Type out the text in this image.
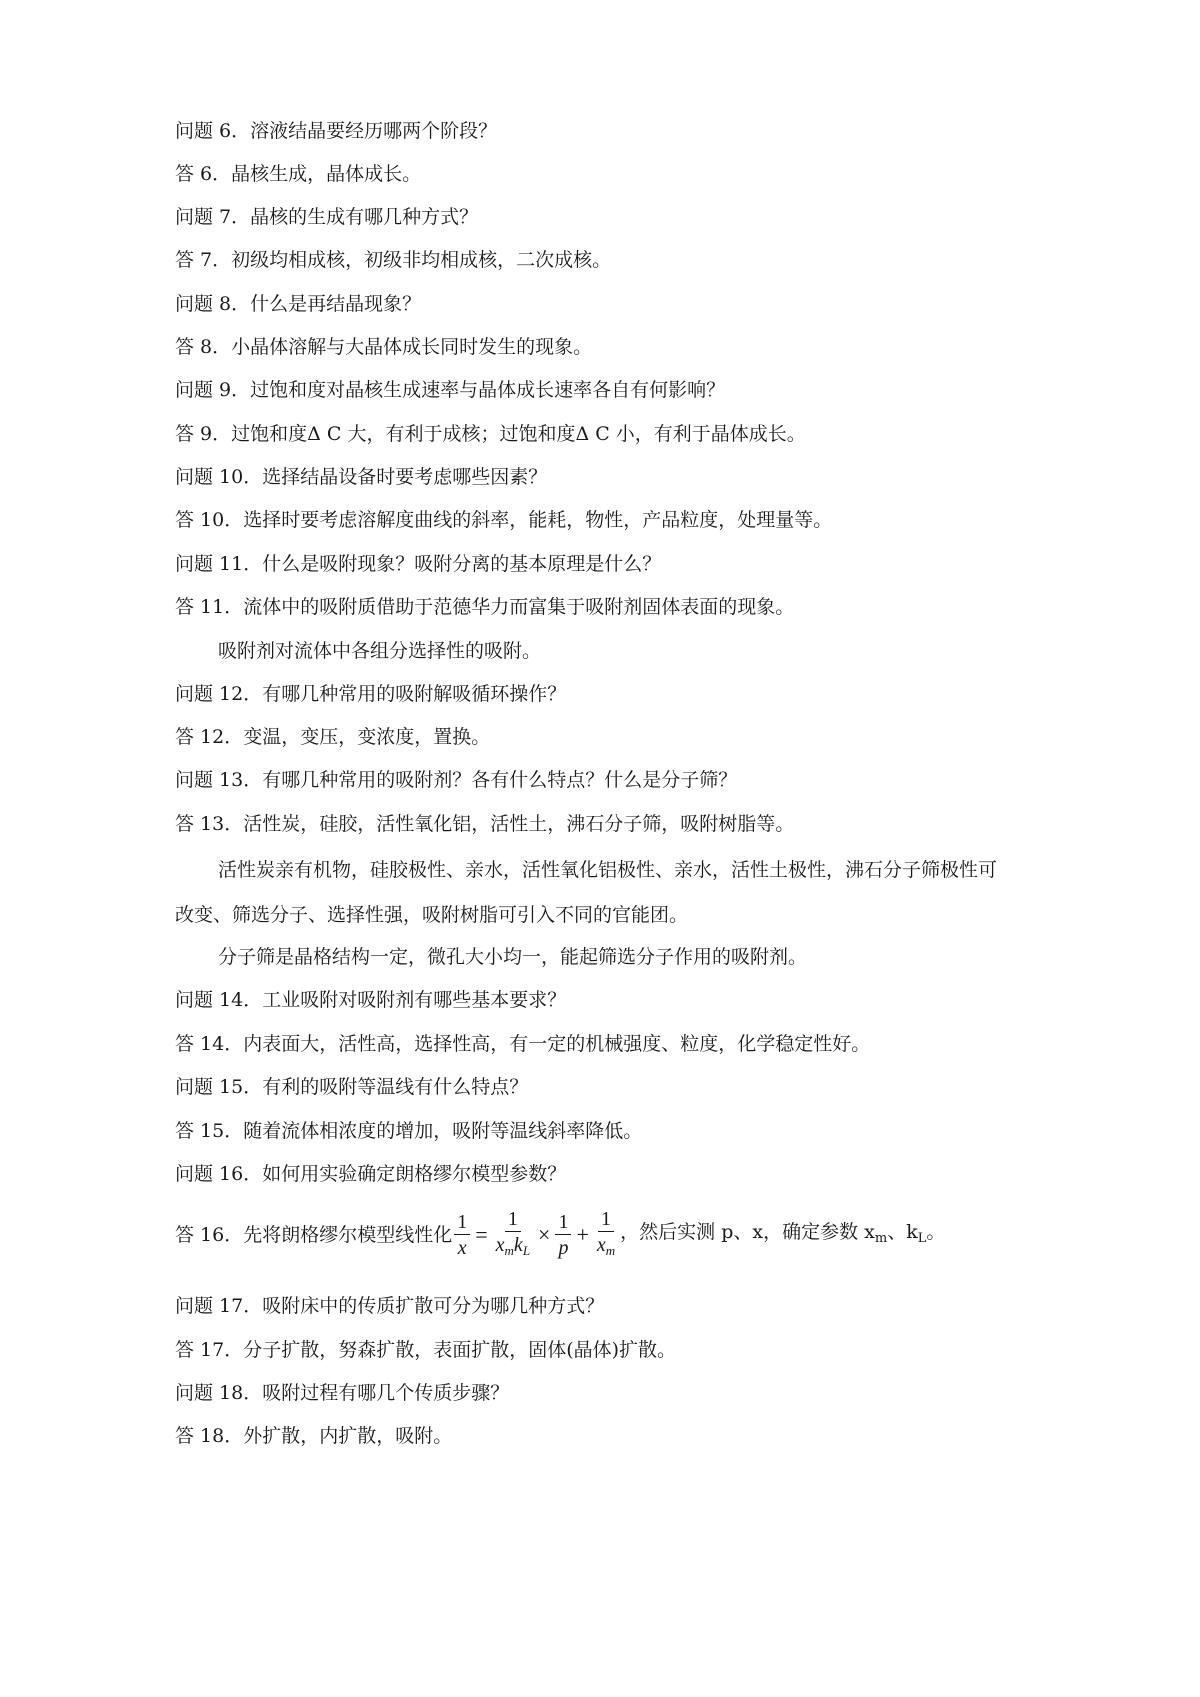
问题 6．溶液结晶要经历哪两个阶段？
答 6．晶核生成，晶体成长。
问题 7．晶核的生成有哪几种方式？
答 7．初级均相成核，初级非均相成核，二次成核。
问题 8．什么是再结晶现象？
答 8．小晶体溶解与大晶体成长同时发生的现象。
问题 9．过饱和度对晶核生成速率与晶体成长速率各自有何影响？
答 9．过饱和度Δ C 大，有利于成核；过饱和度Δ C 小，有利于晶体成长。
问题 10．选择结晶设备时要考虑哪些因素？
答 10．选择时要考虑溶解度曲线的斜率，能耗，物性，产品粒度，处理量等。
问题 11．什么是吸附现象？吸附分离的基本原理是什么？
答 11．流体中的吸附质借助于范德华力而富集于吸附剂固体表面的现象。
吸附剂对流体中各组分选择性的吸附。
问题 12．有哪几种常用的吸附解吸循环操作？
答 12．变温，变压，变浓度，置换。
问题 13．有哪几种常用的吸附剂？各有什么特点？什么是分子筛？
答 13．活性炭，硅胶，活性氧化铝，活性土，沸石分子筛，吸附树脂等。
活性炭亲有机物，硅胶极性、亲水，活性氧化铝极性、亲水，活性土极性，沸石分子筛极性可
改变、筛选分子、选择性强，吸附树脂可引入不同的官能团。
分子筛是晶格结构一定，微孔大小均一，能起筛选分子作用的吸附剂。
问题 14．工业吸附对吸附剂有哪些基本要求？
答 14．内表面大，活性高，选择性高，有一定的机械强度、粒度，化学稳定性好。
问题 15．有利的吸附等温线有什么特点？
答 15．随着流体相浓度的增加，吸附等温线斜率降低。
问题 16．如何用实验确定朗格缪尔模型参数？
答 16．先将朗格缪尔模型线性化 $\frac{1}{x} = \frac{1}{x_mk_L} \times \frac{1}{p} + \frac{1}{x_m}$ ，然后实测 p、x，确定参数 $x_m$、$k_L$。
问题 17．吸附床中的传质扩散可分为哪几种方式？
答 17．分子扩散，努森扩散，表面扩散，固体(晶体)扩散。
问题 18．吸附过程有哪几个传质步骤？
答 18．外扩散，内扩散，吸附。
